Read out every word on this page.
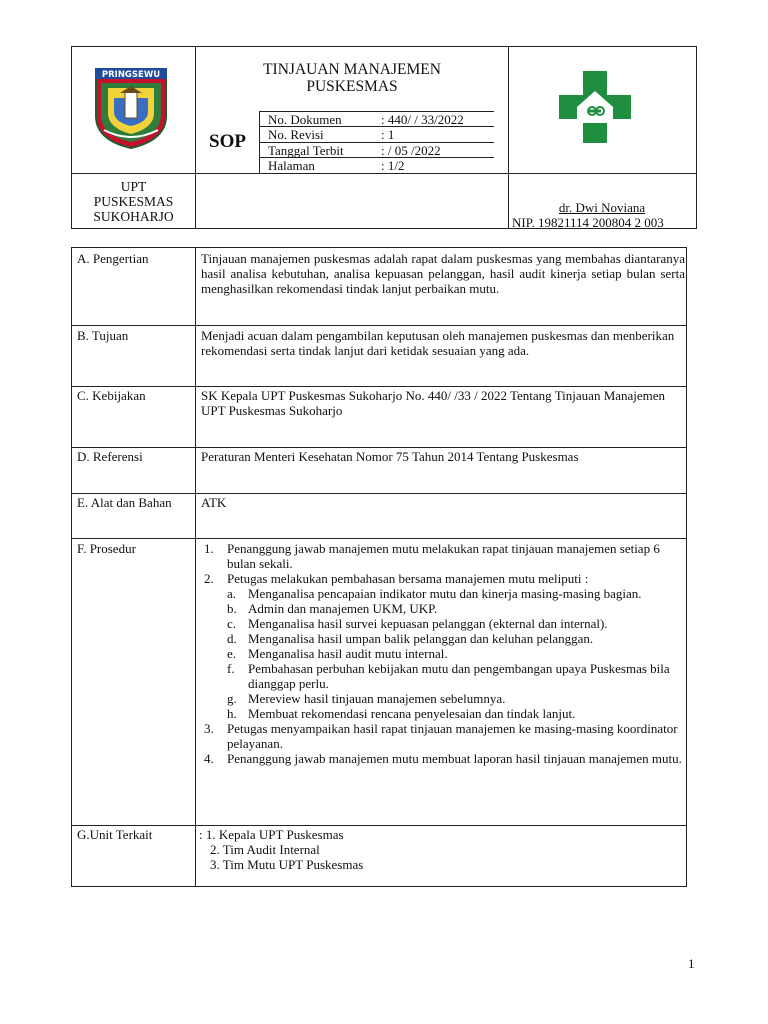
PRINGSEWU	TINJAUAN MANAJEMEN
PUSKESMAS
SOP
No. Dokumen	: 440/ / 33/2022
No. Revisi	: 1
Tanggal Terbit	: / 05 /2022
Halaman	: 1/2
UPT
PUSKESMAS
SUKOHARJO
dr. Dwi Noviana
NIP. 19821114 200804 2 003
A. Pengertian	Tinjauan manajemen puskesmas adalah rapat dalam puskesmas yang membahas diantaranya hasil analisa kebutuhan, analisa kepuasan pelanggan, hasil audit kinerja setiap bulan serta menghasilkan rekomendasi tindak lanjut perbaikan mutu.
B. Tujuan	Menjadi acuan dalam pengambilan keputusan oleh manajemen puskesmas dan menberikan rekomendasi serta tindak lanjut dari ketidak sesuaian yang ada.
C. Kebijakan	SK Kepala UPT Puskesmas Sukoharjo No. 440/ /33 / 2022 Tentang Tinjauan Manajemen UPT Puskesmas Sukoharjo
D. Referensi	Peraturan Menteri Kesehatan Nomor 75 Tahun 2014 Tentang Puskesmas
E. Alat dan Bahan ATK
F. Prosedur	1. Penanggung jawab manajemen mutu melakukan rapat tinjauan manajemen setiap 6 bulan sekali.
2. Petugas melakukan pembahasan bersama manajemen mutu meliputi :
a. Menganalisa pencapaian indikator mutu dan kinerja masing-masing bagian.
b. Admin dan manajemen UKM, UKP.
c. Menganalisa hasil survei kepuasan pelanggan (ekternal dan internal).
d. Menganalisa hasil umpan balik pelanggan dan keluhan pelanggan.
e. Menganalisa hasil audit mutu internal.
f. Pembahasan perbuhan kebijakan mutu dan pengembangan upaya Puskesmas bila dianggap perlu.
g. Mereview hasil tinjauan manajemen sebelumnya.
h. Membuat rekomendasi rencana penyelesaian dan tindak lanjut.
3. Petugas menyampaikan hasil rapat tinjauan manajemen ke masing-masing koordinator pelayanan.
4. Penanggung jawab manajemen mutu membuat laporan hasil tinjauan manajemen mutu.
G.Unit Terkait	: 1. Kepala UPT Puskesmas
2. Tim Audit Internal
3. Tim Mutu UPT Puskesmas
1
